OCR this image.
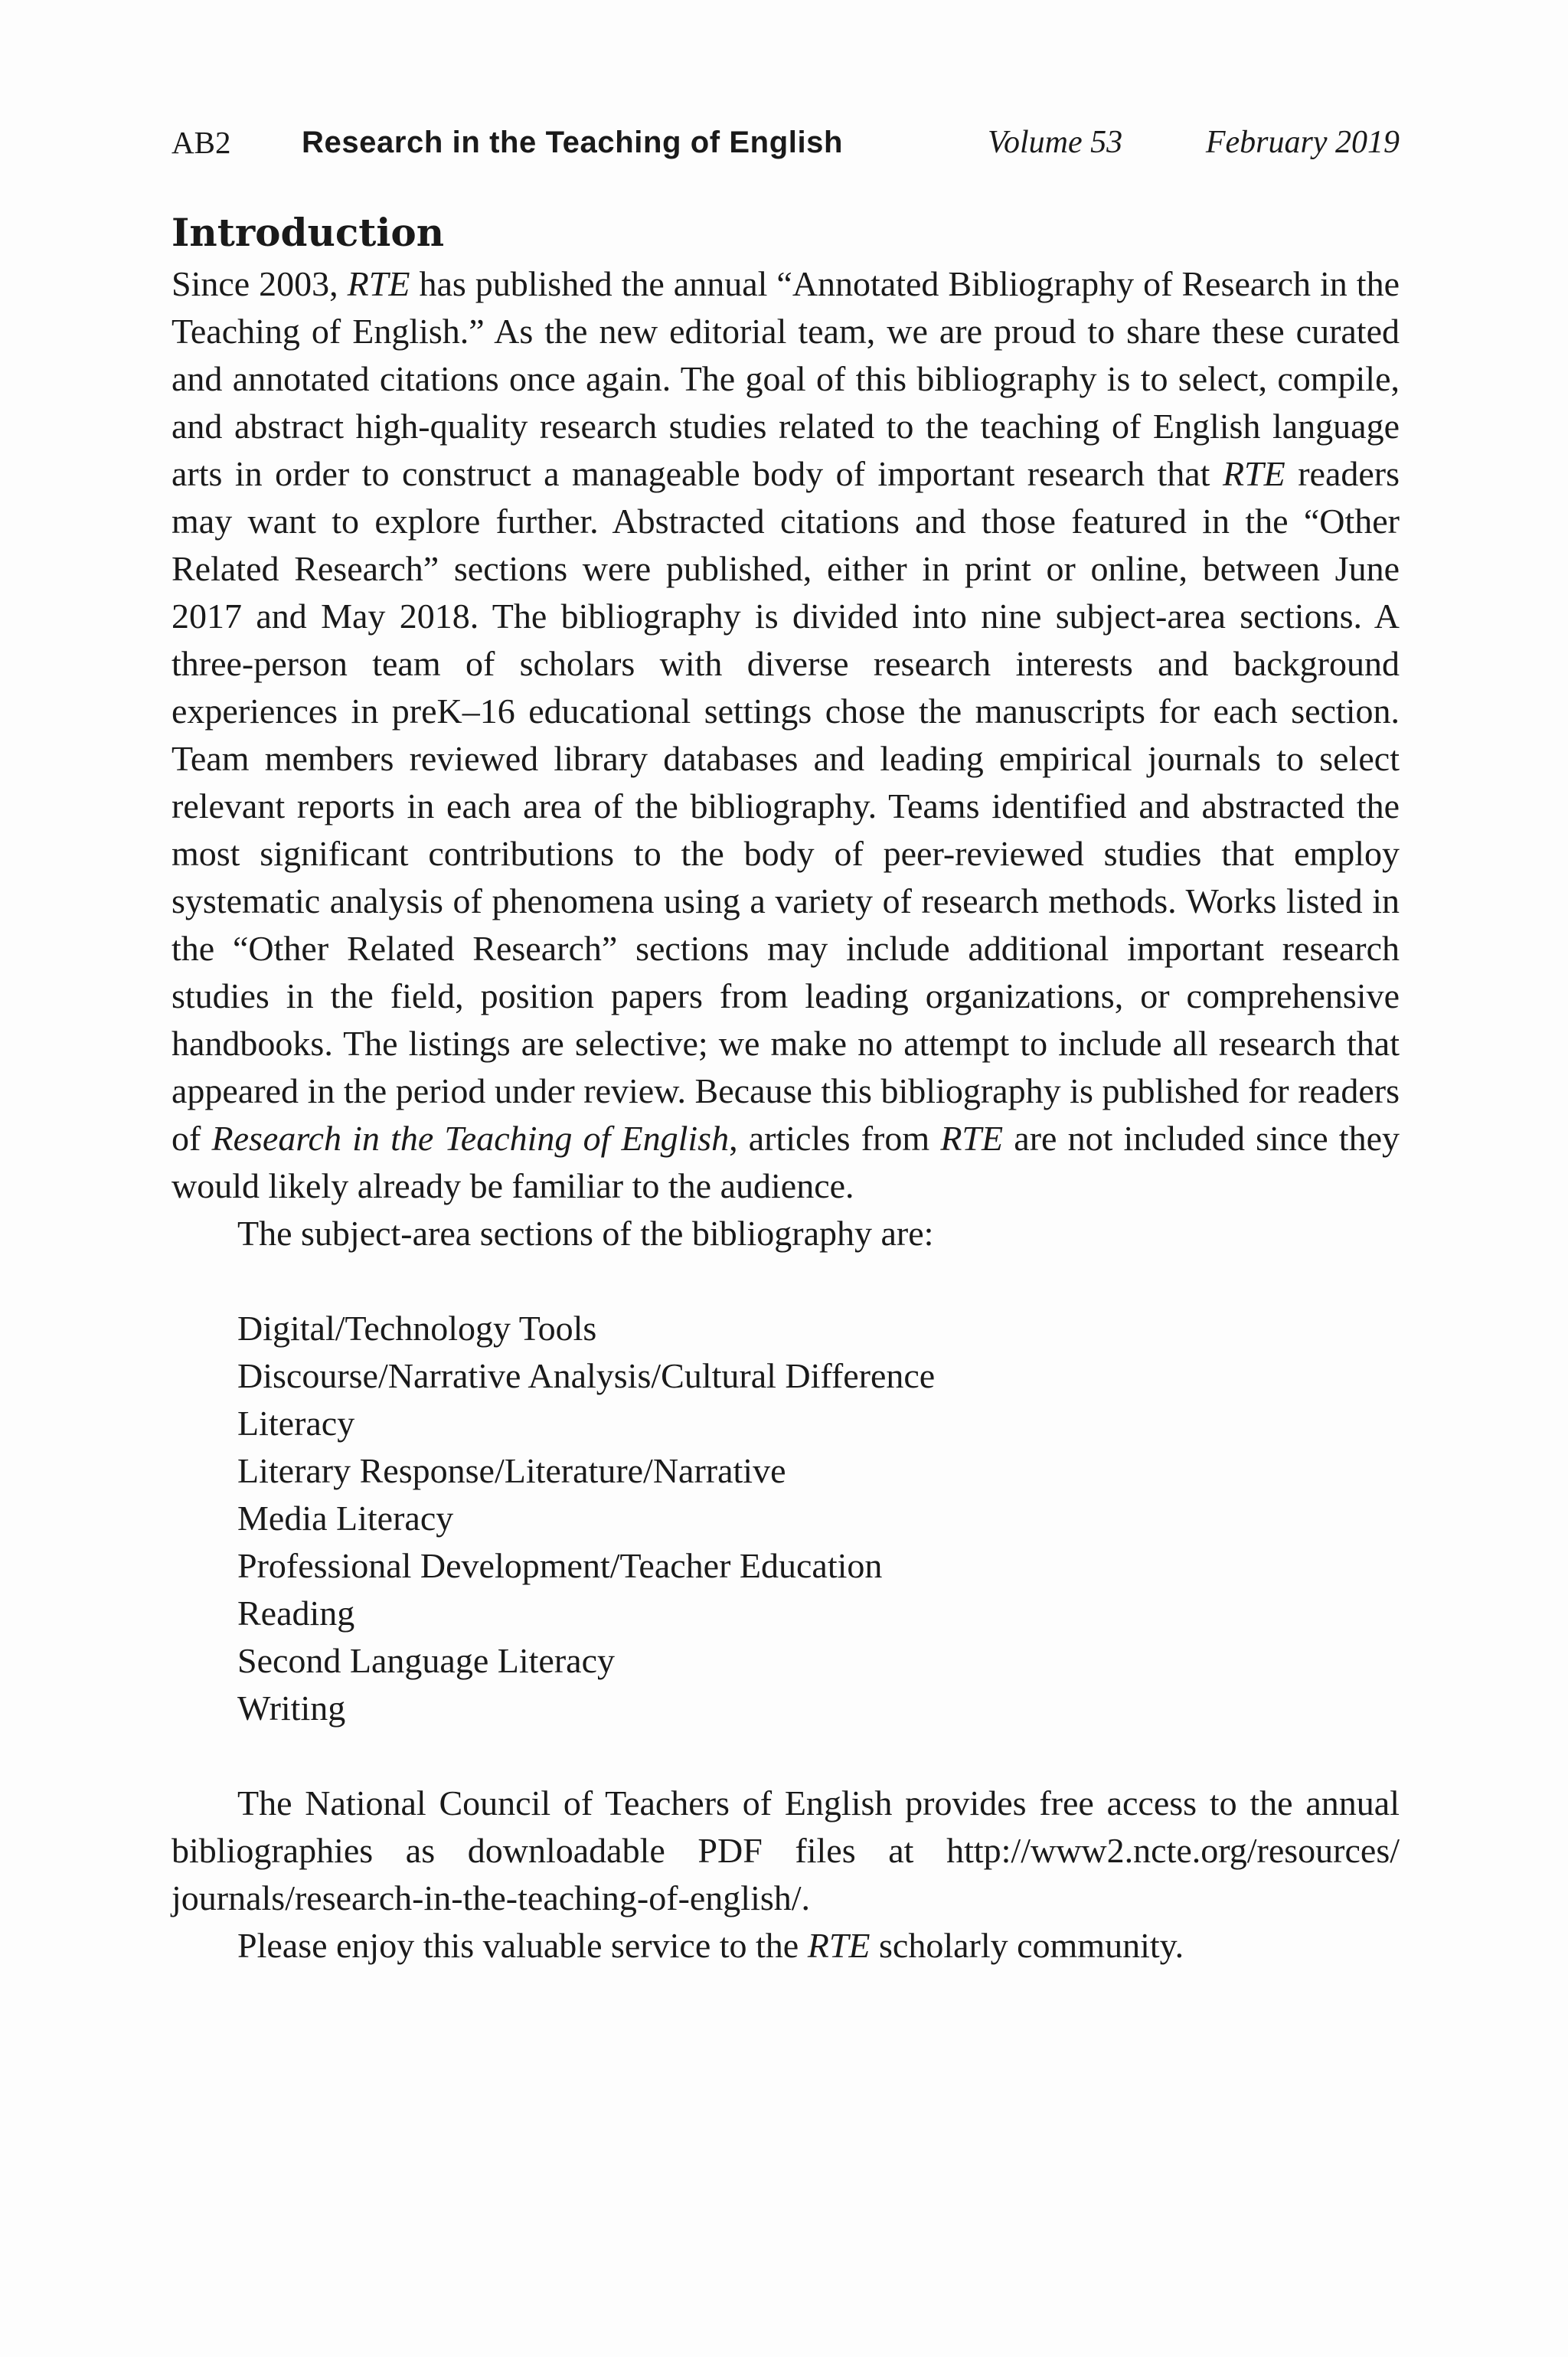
AB2 Research in the Teaching of English	Volume 53	February 2019
Introduction

Since 2003, RTE has published the annual “Annotated Bibliography of Research in the Teaching of English.” As the new editorial team, we are proud to share these curated and annotated citations once again. The goal of this bibliography is to select, compile, and abstract high-quality research studies related to the teaching of English language arts in order to construct a manageable body of important research that RTE readers may want to explore further. Abstracted citations and those featured in the “Other Related Research” sections were published, either in print or online, between June 2017 and May 2018. The bibliography is divided into nine subject-area sections. A three-person team of scholars with diverse research interests and background experiences in preK–16 educational settings chose the manuscripts for each section. Team members reviewed library databases and leading empirical journals to select relevant reports in each area of the bibliography. Teams identified and abstracted the most significant contributions to the body of peer-reviewed studies that employ systematic analysis of phenomena using a variety of research methods. Works listed in the “Other Related Research” sections may include additional important research studies in the field, position papers from leading organizations, or comprehensive handbooks. The listings are selective; we make no attempt to include all research that appeared in the period under review. Because this bibliography is published for readers of Research in the Teaching of English, articles from RTE are not included since they would likely already be familiar to the audience.

The subject-area sections of the bibliography are:

Digital/Technology Tools
Discourse/Narrative Analysis/Cultural Difference
Literacy
Literary Response/Literature/Narrative
Media Literacy
Professional Development/Teacher Education
Reading
Second Language Literacy
Writing

The National Council of Teachers of English provides free access to the annual bibliographies as downloadable PDF files at http://www2.ncte.org/resources/​journals/research-in-the-teaching-of-english/.

Please enjoy this valuable service to the RTE scholarly community.
